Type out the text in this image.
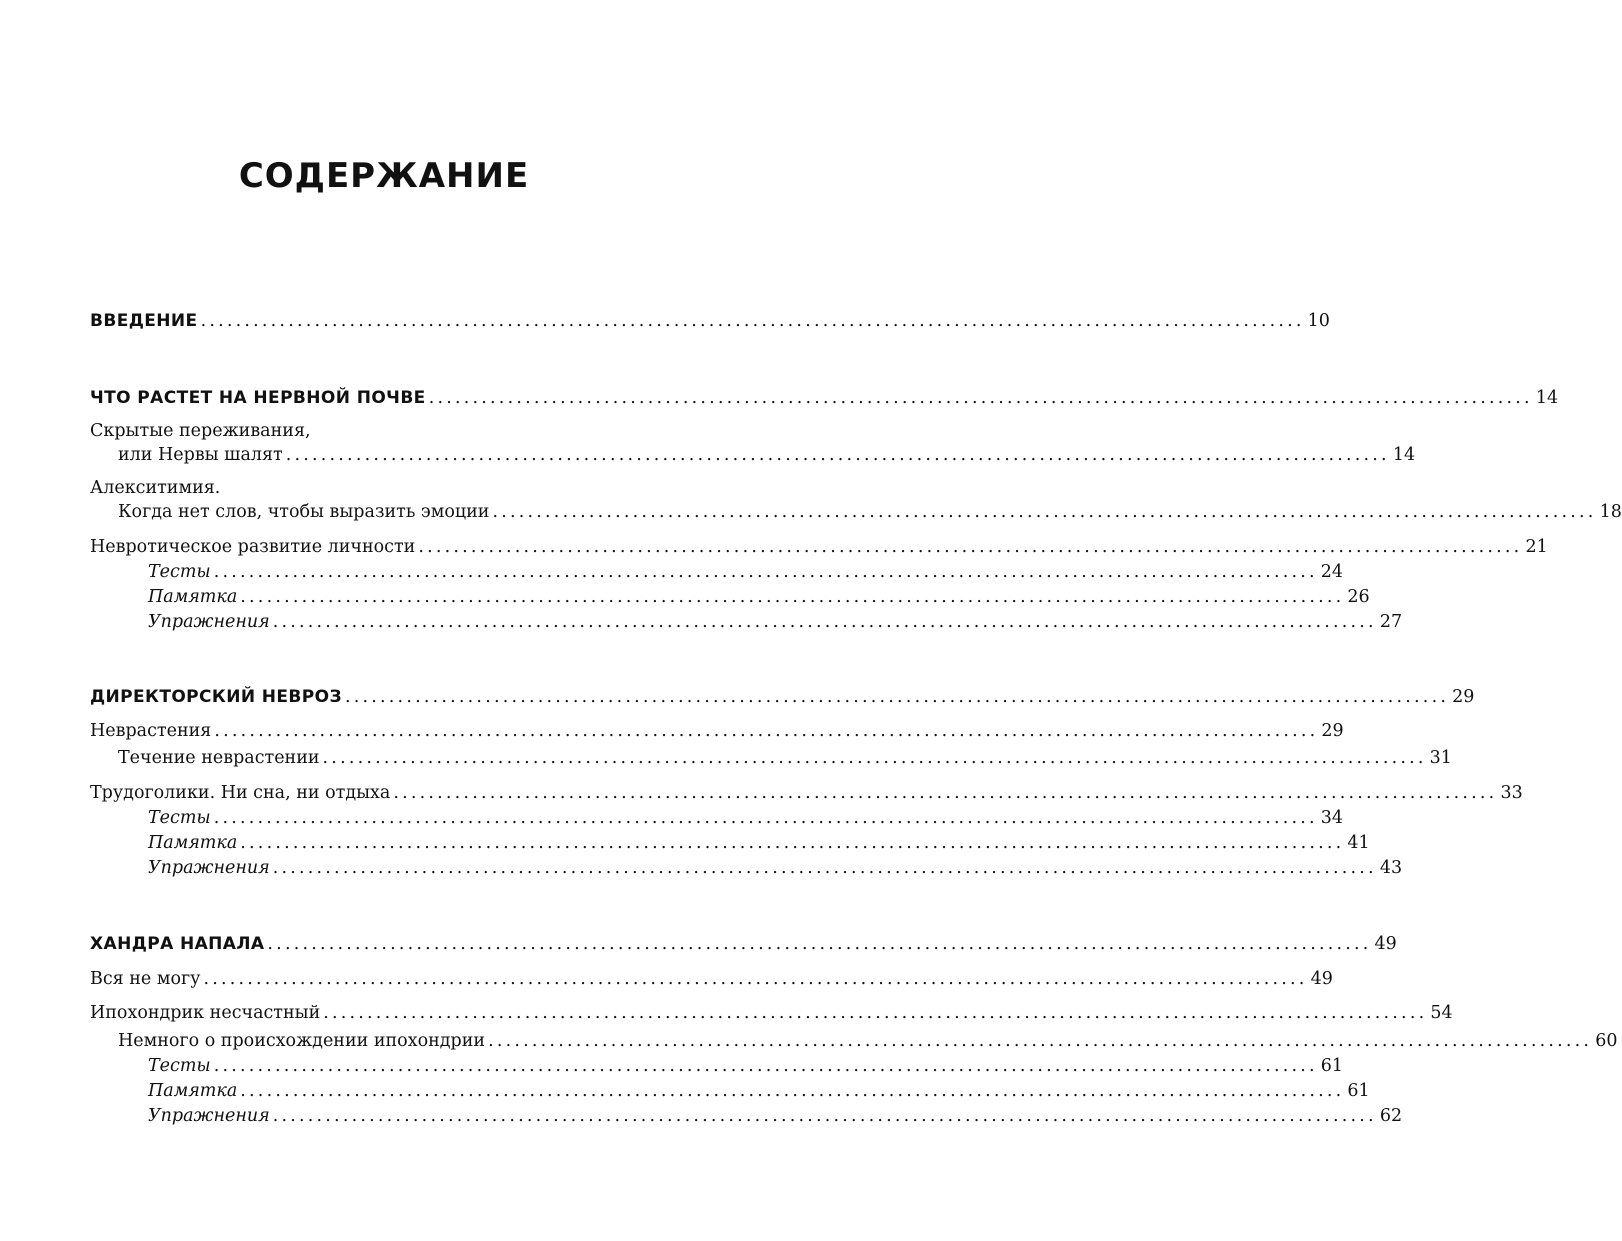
СОДЕРЖАНИЕ
ВВЕДЕНИЕ .............................................................................................................................. 10
ЧТО РАСТЕТ НА НЕРВНОЙ ПОЧВЕ .............................................................................................................................. 14
Скрытые переживания,
или Нервы шалят .............................................................................................................................. 14
Алекситимия.
Когда нет слов, чтобы выразить эмоции .............................................................................................................................. 18
Невротическое развитие личности .............................................................................................................................. 21
Тесты .............................................................................................................................. 24
Памятка .............................................................................................................................. 26
Упражнения .............................................................................................................................. 27
ДИРЕКТОРСКИЙ НЕВРОЗ .............................................................................................................................. 29
Неврастения .............................................................................................................................. 29
Течение неврастении .............................................................................................................................. 31
Трудоголики. Ни сна, ни отдыха .............................................................................................................................. 33
Тесты .............................................................................................................................. 34
Памятка .............................................................................................................................. 41
Упражнения .............................................................................................................................. 43
ХАНДРА НАПАЛА .............................................................................................................................. 49
Вся не могу .............................................................................................................................. 49
Ипохондрик несчастный .............................................................................................................................. 54
Немного о происхождении ипохондрии .............................................................................................................................. 60
Тесты .............................................................................................................................. 61
Памятка .............................................................................................................................. 61
Упражнения .............................................................................................................................. 62
